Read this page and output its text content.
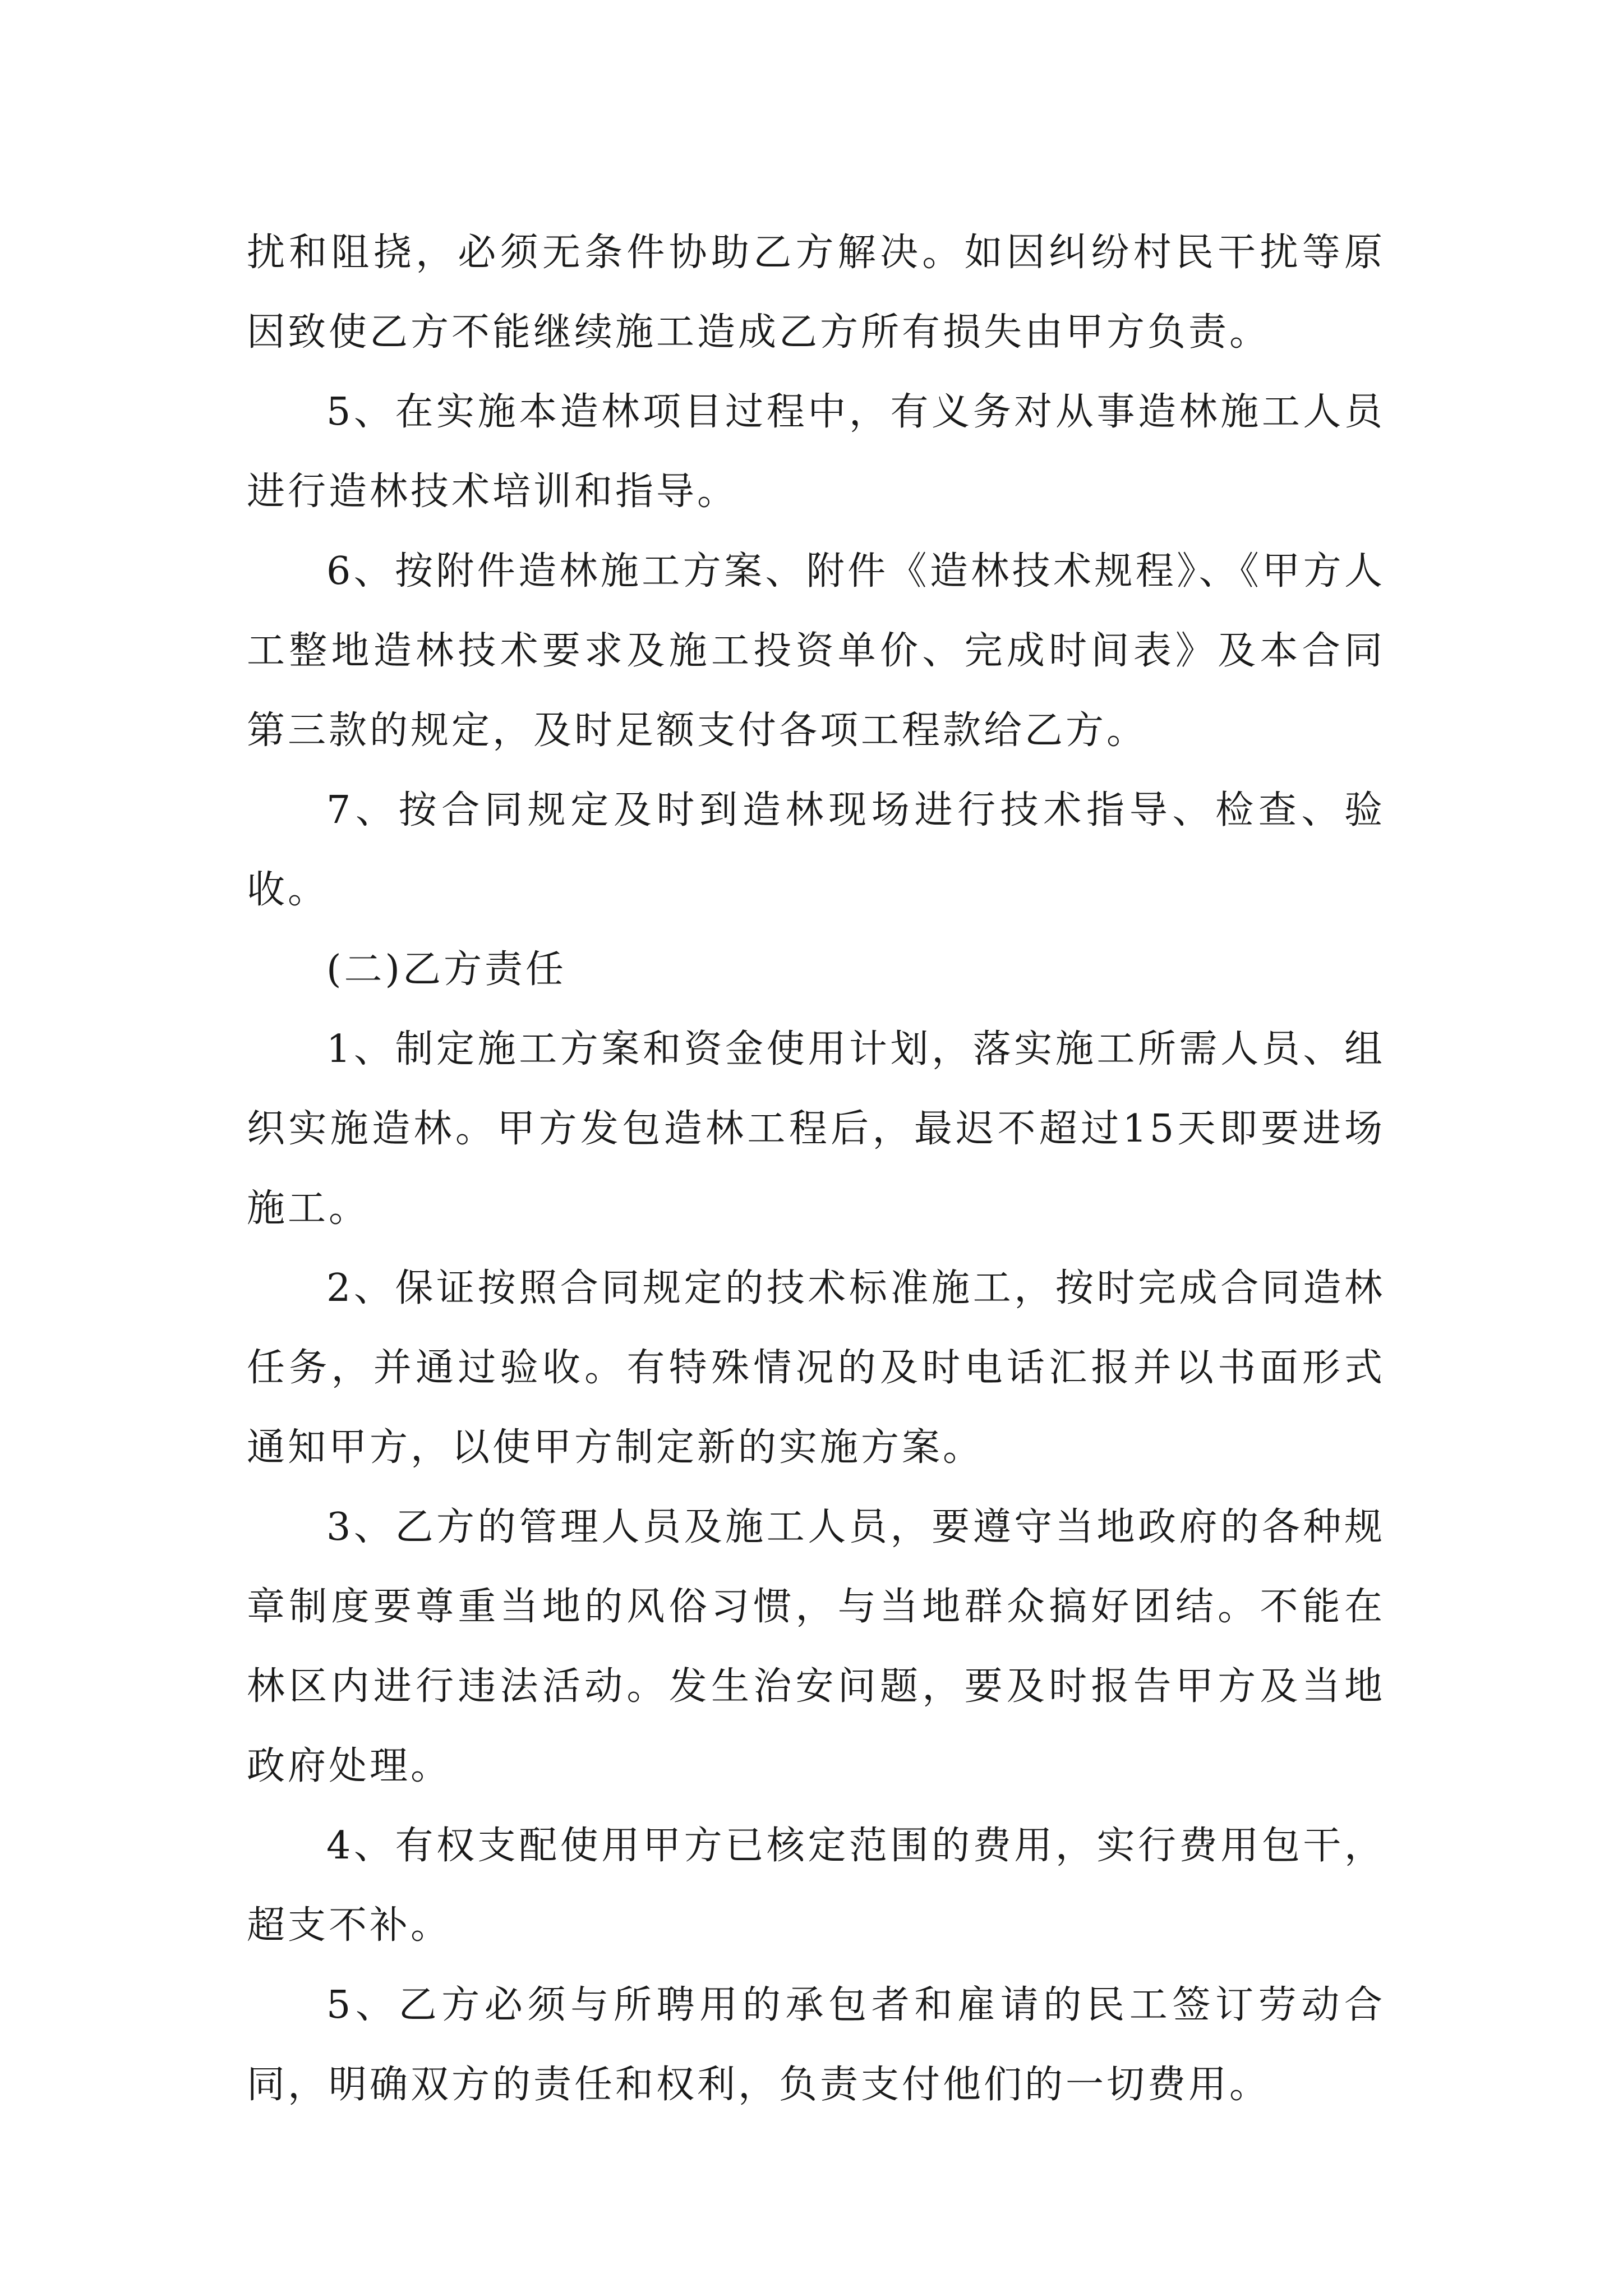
扰和阻挠，必须无条件协助乙方解决。如因纠纷村民干扰等原因致使乙方不能继续施工造成乙方所有损失由甲方负责。

5、在实施本造林项目过程中，有义务对从事造林施工人员进行造林技术培训和指导。

6、按附件造林施工方案、附件《造林技术规程》、《甲方人工整地造林技术要求及施工投资单价、完成时间表》及本合同第三款的规定，及时足额支付各项工程款给乙方。

7、按合同规定及时到造林现场进行技术指导、检查、验收。

(二)乙方责任

1、制定施工方案和资金使用计划，落实施工所需人员、组织实施造林。甲方发包造林工程后，最迟不超过15天即要进场施工。

2、保证按照合同规定的技术标准施工，按时完成合同造林任务，并通过验收。有特殊情况的及时电话汇报并以书面形式通知甲方，以使甲方制定新的实施方案。

3、乙方的管理人员及施工人员，要遵守当地政府的各种规章制度要尊重当地的风俗习惯，与当地群众搞好团结。不能在林区内进行违法活动。发生治安问题，要及时报告甲方及当地政府处理。

4、有权支配使用甲方已核定范围的费用，实行费用包干，超支不补。

5、乙方必须与所聘用的承包者和雇请的民工签订劳动合同，明确双方的责任和权利，负责支付他们的一切费用。
